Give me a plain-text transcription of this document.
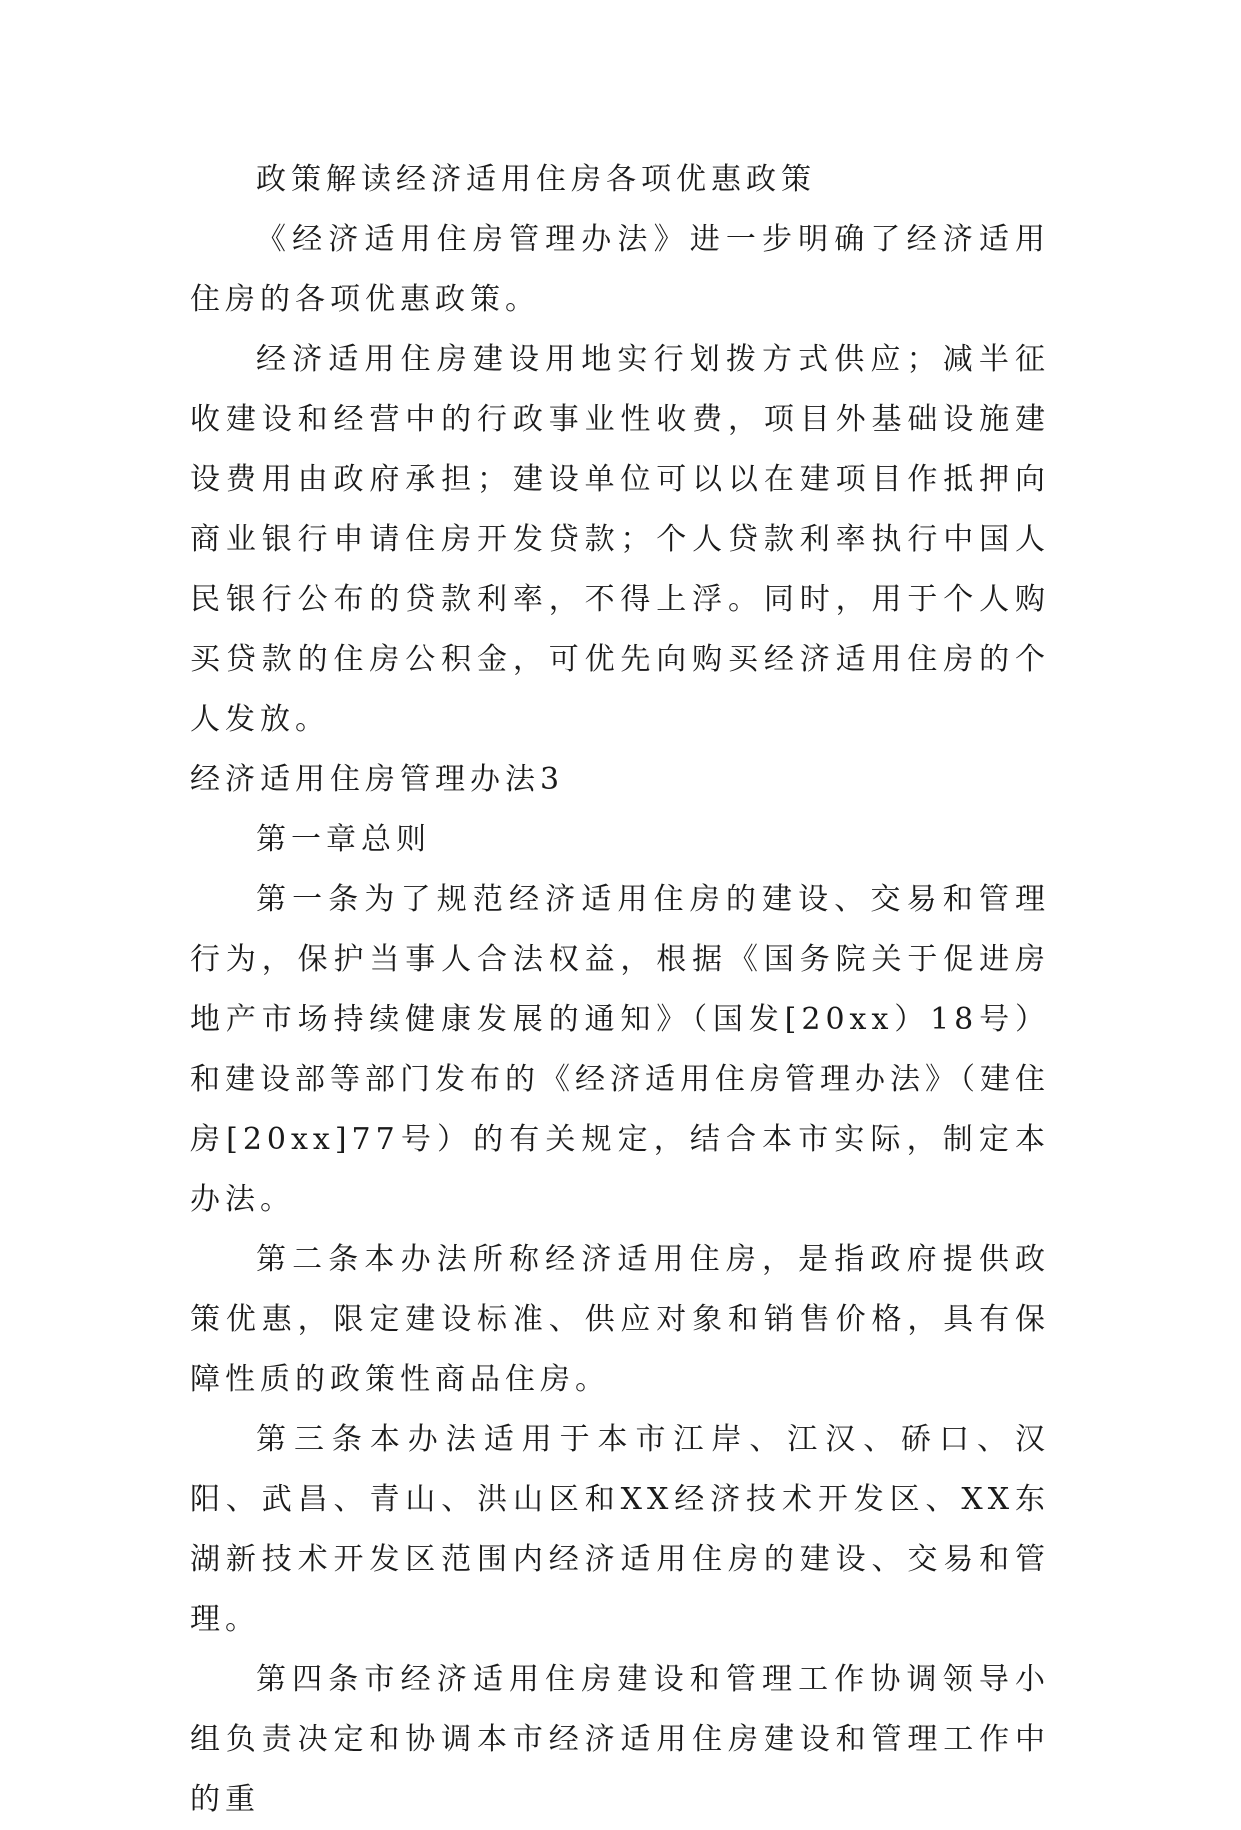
政策解读经济适用住房各项优惠政策

《经济适用住房管理办法》进一步明确了经济适用住房的各项优惠政策。

经济适用住房建设用地实行划拨方式供应；减半征收建设和经营中的行政事业性收费，项目外基础设施建设费用由政府承担；建设单位可以以在建项目作抵押向商业银行申请住房开发贷款；个人贷款利率执行中国人民银行公布的贷款利率，不得上浮。同时，用于个人购买贷款的住房公积金，可优先向购买经济适用住房的个人发放。

经济适用住房管理办法3

第一章总则

第一条为了规范经济适用住房的建设、交易和管理行为，保护当事人合法权益，根据《国务院关于促进房地产市场持续健康发展的通知》（国发[20xx）18号）和建设部等部门发布的《经济适用住房管理办法》（建住房[20xx]77号）的有关规定，结合本市实际，制定本办法。

第二条本办法所称经济适用住房，是指政府提供政策优惠，限定建设标准、供应对象和销售价格，具有保障性质的政策性商品住房。

第三条本办法适用于本市江岸、江汉、硚口、汉阳、武昌、青山、洪山区和XX经济技术开发区、XX东湖新技术开发区范围内经济适用住房的建设、交易和管理。

第四条市经济适用住房建设和管理工作协调领导小组负责决定和协调本市经济适用住房建设和管理工作中的重
